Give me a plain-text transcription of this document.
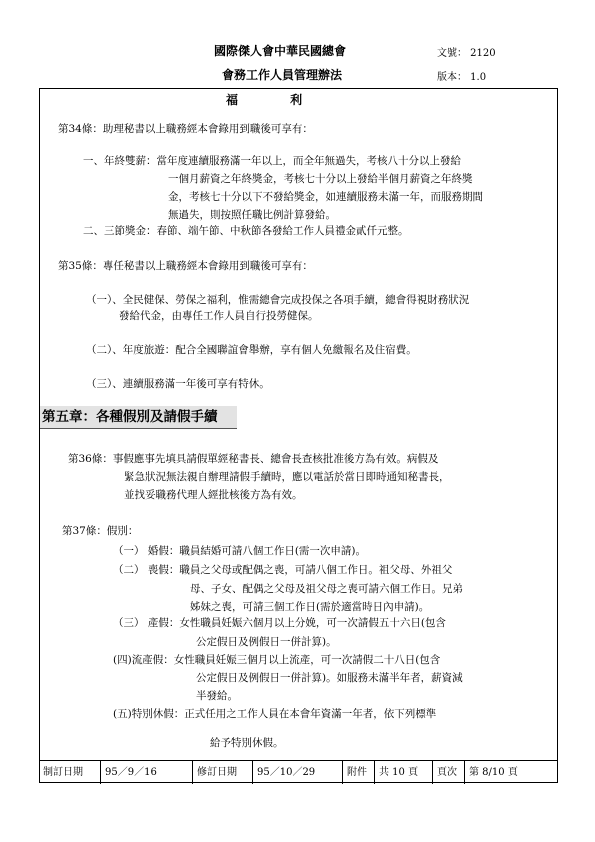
國際傑人會中華民國總會
會務工作人員管理辦法
文號： 2120
版本： 1.0
福 利
第34條：助理秘書以上職務經本會錄用到職後可享有：
一、年終雙薪：當年度連續服務滿一年以上，而全年無過失，考核八十分以上發給
一個月薪資之年終獎金，考核七十分以上發給半個月薪資之年終獎
金，考核七十分以下不發給獎金，如連續服務未滿一年，而服務期間
無過失，則按照任職比例計算發給。
二、三節獎金：春節、端午節、中秋節各發給工作人員禮金貳仟元整。
第35條：專任秘書以上職務經本會錄用到職後可享有：
（一）、全民健保、勞保之福利，惟需總會完成投保之各項手續，總會得視財務狀況
發給代金，由專任工作人員自行投勞健保。
（二）、年度旅遊：配合全國聯誼會舉辦，享有個人免繳報名及住宿費。
（三）、連續服務滿一年後可享有特休。
第五章：各種假別及請假手續
第36條：事假應事先填具請假單經秘書長、總會長查核批准後方為有效。病假及
緊急狀況無法親自辦理請假手續時，應以電話於當日即時通知秘書長，
並找妥職務代理人經批核後方為有效。
第37條：假別：
（一） 婚假：職員結婚可請八個工作日(需一次申請)。
（二） 喪假：職員之父母或配偶之喪，可請八個工作日。祖父母、外祖父
母、子女、配偶之父母及祖父母之喪可請六個工作日。兄弟
姊妹之喪，可請三個工作日(需於適當時日內申請)。
（三） 產假：女性職員妊娠六個月以上分娩，可一次請假五十六日(包含
公定假日及例假日一併計算)。
(四)流產假：女性職員妊娠三個月以上流產，可一次請假二十八日(包含
公定假日及例假日一併計算)。如服務未滿半年者，薪資減
半發給。
(五)特別休假：正式任用之工作人員在本會年資滿一年者，依下列標準
給予特別休假。
制訂日期	95／9／16	修訂日期	95／10／29	附件	共 10 頁	頁次	第 8/10 頁
